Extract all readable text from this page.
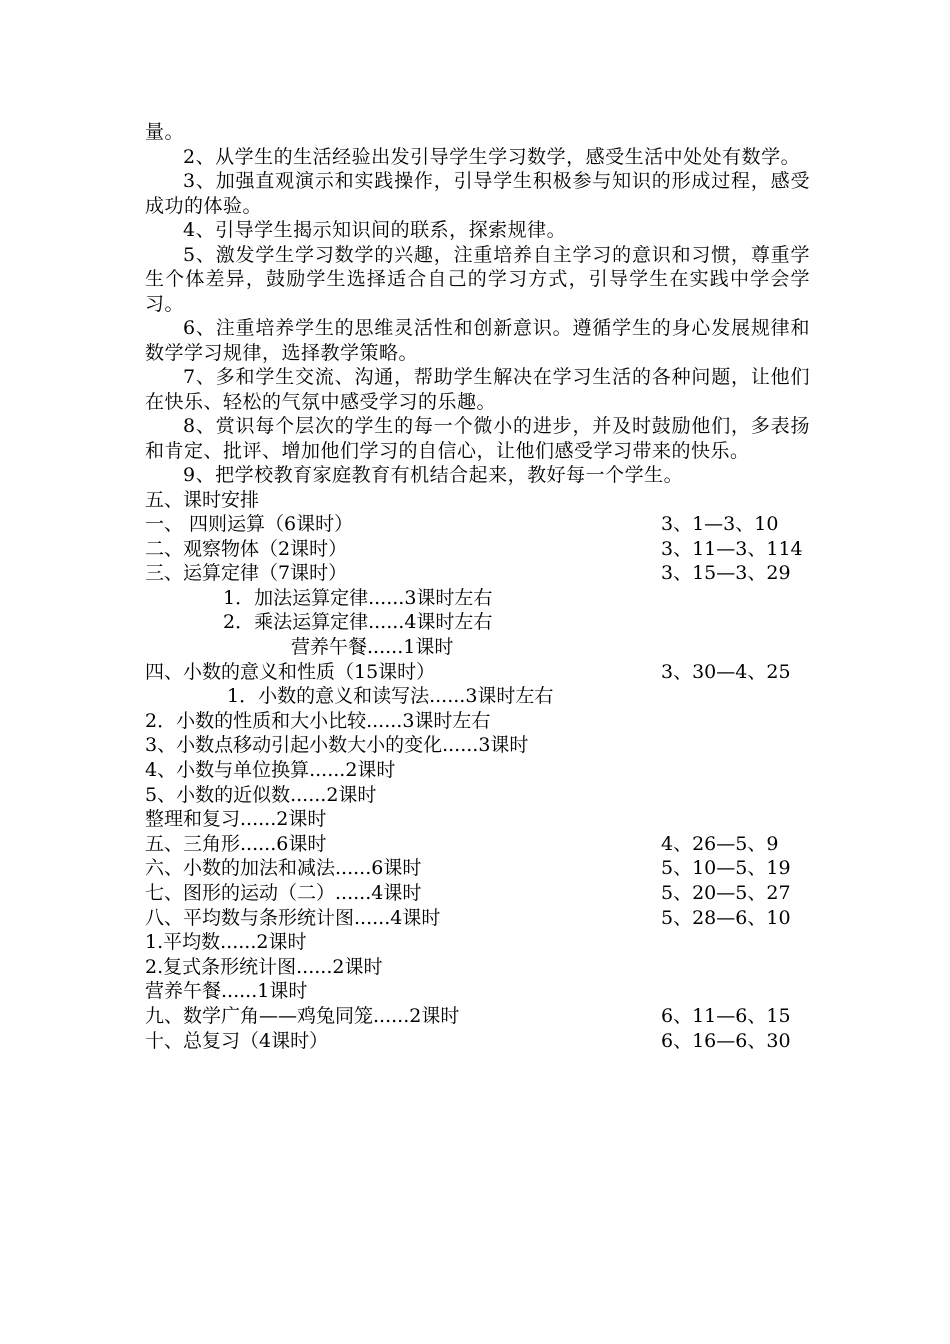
量。

2、从学生的生活经验出发引导学生学习数学，感受生活中处处有数学。

3、加强直观演示和实践操作，引导学生积极参与知识的形成过程，感受成功的体验。

4、引导学生揭示知识间的联系，探索规律。

5、激发学生学习数学的兴趣，注重培养自主学习的意识和习惯，尊重学生个体差异，鼓励学生选择适合自己的学习方式，引导学生在实践中学会学习。

6、注重培养学生的思维灵活性和创新意识。遵循学生的身心发展规律和数学学习规律，选择教学策略。

7、多和学生交流、沟通，帮助学生解决在学习生活的各种问题，让他们在快乐、轻松的气氛中感受学习的乐趣。

8、赏识每个层次的学生的每一个微小的进步，并及时鼓励他们，多表扬和肯定、批评、增加他们学习的自信心，让他们感受学习带来的快乐。

9、把学校教育家庭教育有机结合起来，教好每一个学生。

五、课时安排
一、 四则运算（6课时）	3、1—3、10
二、观察物体（2课时）	3、11—3、114
三、运算定律（7课时）	3、15—3、29
1．加法运算定律......3课时左右
2．乘法运算定律......4课时左右
营养午餐......1课时
四、小数的意义和性质（15课时）	3、30—4、25
1．小数的意义和读写法......3课时左右
2．小数的性质和大小比较......3课时左右
3、小数点移动引起小数大小的变化......3课时
4、小数与单位换算......2课时
5、小数的近似数......2课时
整理和复习......2课时
五、三角形......6课时	4、26—5、9
六、小数的加法和减法......6课时	5、10—5、19
七、图形的运动（二）......4课时	5、20—5、27
八、平均数与条形统计图......4课时	5、28—6、10
1.平均数......2课时
2.复式条形统计图......2课时
营养午餐......1课时
九、数学广角——鸡兔同笼......2课时	6、11—6、15
十、总复习（4课时）	6、16—6、30
